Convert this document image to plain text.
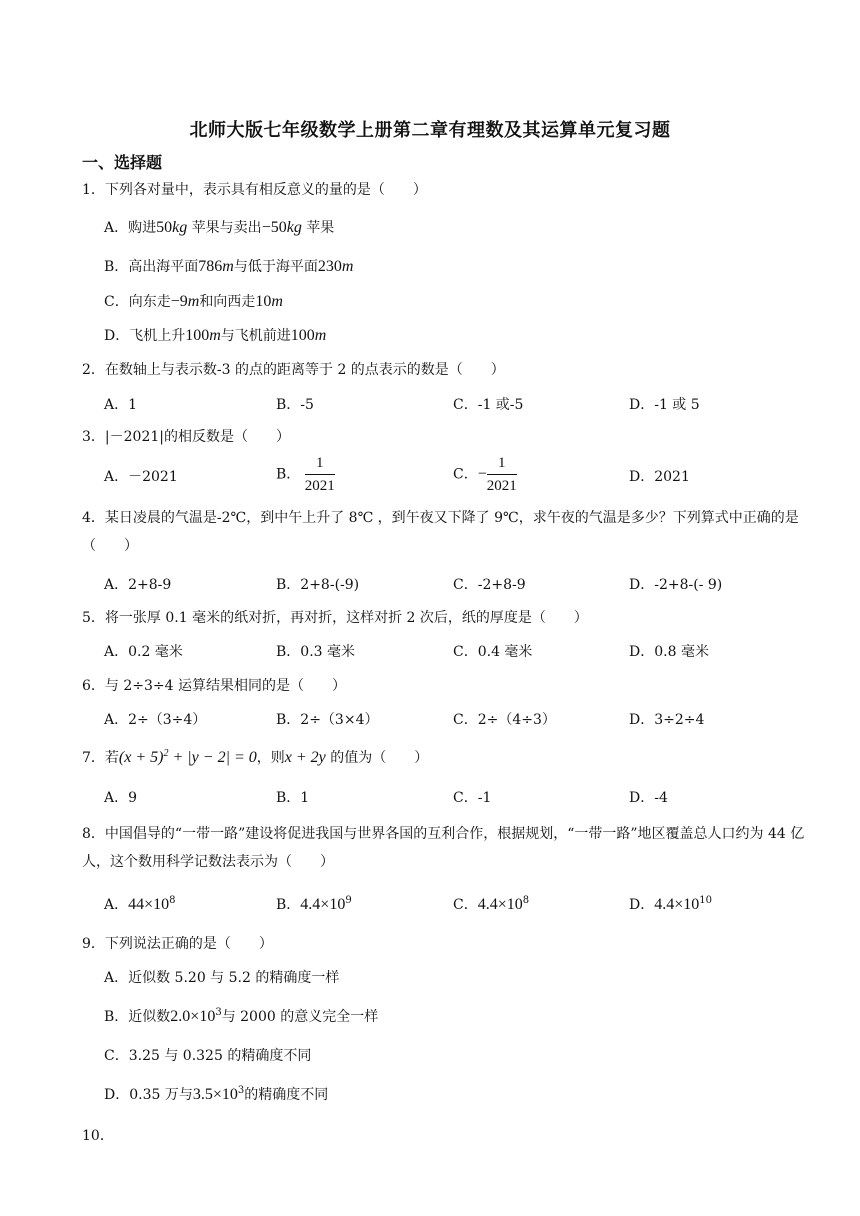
北师大版七年级数学上册第二章有理数及其运算单元复习题
一、选择题
1．下列各对量中，表示具有相反意义的量的是（　　）
A．购进50kg 苹果与卖出−50kg 苹果
B．高出海平面786m与低于海平面230m
C．向东走−9m和向西走10m
D．飞机上升100m与飞机前进100m
2．在数轴上与表示数-3 的点的距离等于 2 的点表示的数是（　　）
A．1	B．-5	C．-1 或-5	D．-1 或 5
3．|－2021|的相反数是（　　）
A．－2021	B． $\frac{1}{2021}$	C．− $\frac{1}{2021}$	D．2021
4．某日凌晨的气温是-2℃，到中午上升了 8℃ ，到午夜又下降了 9℃，求午夜的气温是多少？下列算式中正确的是（　　）
A．2+8-9	B．2+8-(-9)	C．-2+8-9	D．-2+8-(- 9)
5．将一张厚 0.1 毫米的纸对折，再对折，这样对折 2 次后，纸的厚度是（　　）
A．0.2 毫米	B．0.3 毫米	C．0.4 毫米	D．0.8 毫米
6．与 2÷3÷4 运算结果相同的是（　　）
A．2÷（3÷4）	B．2÷（3×4）	C．2÷（4÷3）	D．3÷2÷4
7．若$(x + 5)^2 + |y - 2| = 0$，则x + 2y 的值为（　　）
A．9	B．1	C．-1	D．-4
8．中国倡导的“一带一路”建设将促进我国与世界各国的互利合作，根据规划，“一带一路”地区覆盖总人口约为 44 亿人，这个数用科学记数法表示为（　　）
A．$44\times 10^8$	B．$4.4\times 10^9$	C．$4.4\times 10^8$	D．$4.4\times 10^{10}$
9．下列说法正确的是（　　）
A．近似数 5.20 与 5.2 的精确度一样
B．近似数$2.0\times 10^3$与 2000 的意义完全一样
C．3.25 与 0.325 的精确度不同
D．0.35 万与$3.5\times 10^3$的精确度不同
10．
